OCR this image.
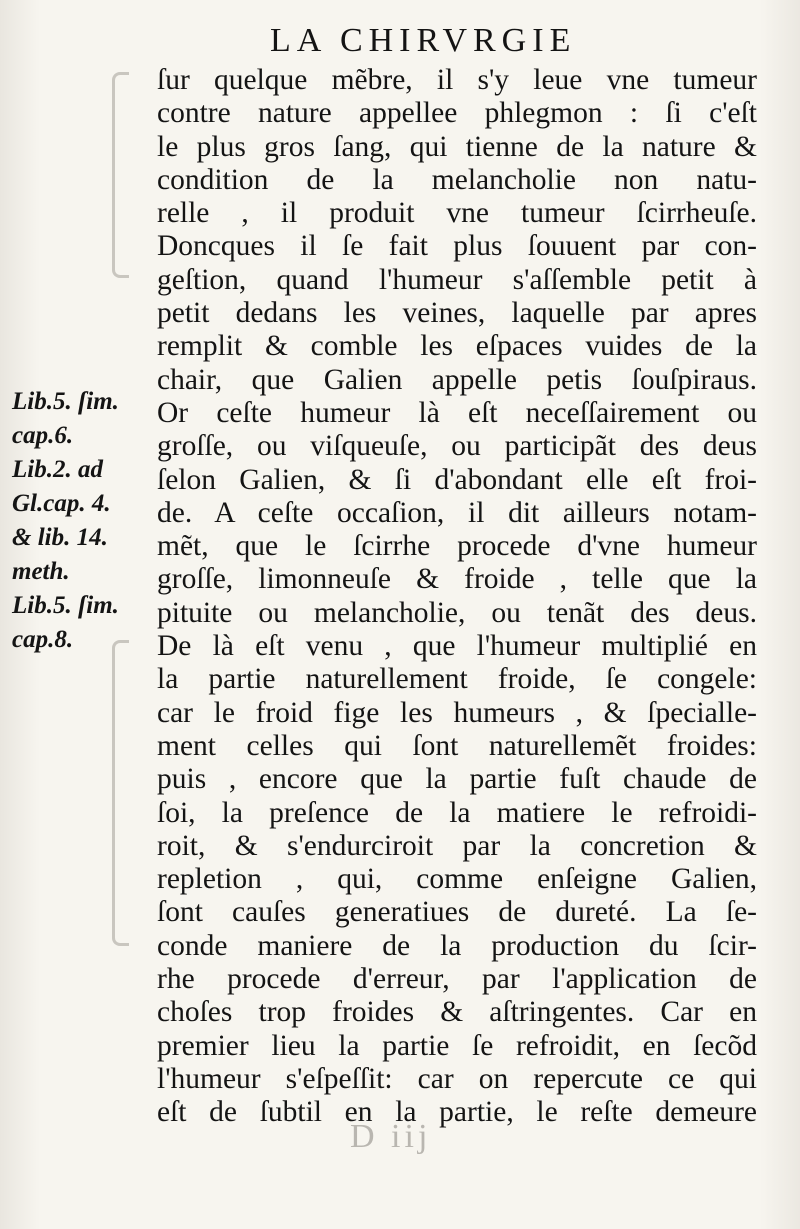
LA CHIRVRGIE
Lib.5. ſim.
cap.6.
Lib.2. ad
Gl.cap. 4.
& lib. 14.
meth.
Lib.5. ſim.
cap.8.
ſur quelque mẽbre, il s'y leue vne tumeur
contre nature appellee phlegmon : ſi c'eſt
le plus gros ſang, qui tienne de la nature &
condition de la melancholie non natu-
relle , il produit vne tumeur ſcirrheuſe.
Doncques il ſe fait plus ſouuent par con-
geſtion, quand l'humeur s'aſſemble petit à
petit dedans les veines, laquelle par apres
remplit & comble les eſpaces vuides de la
chair, que Galien appelle petis ſouſpiraus.
Or ceſte humeur là eſt neceſſairement ou
groſſe, ou viſqueuſe, ou participãt des deus
ſelon Galien, & ſi d'abondant elle eſt froi-
de. A ceſte occaſion, il dit ailleurs notam-
mẽt, que le ſcirrhe procede d'vne humeur
groſſe, limonneuſe & froide , telle que la
pituite ou melancholie, ou tenãt des deus.
De là eſt venu , que l'humeur multiplié en
la partie naturellement froide, ſe congele:
car le froid fige les humeurs , & ſpecialle-
ment celles qui ſont naturellemẽt froides:
puis , encore que la partie fuſt chaude de
ſoi, la preſence de la matiere le refroidi-
roit, & s'endurciroit par la concretion &
repletion , qui, comme enſeigne Galien,
ſont cauſes generatiues de dureté. La ſe-
conde maniere de la production du ſcir-
rhe procede d'erreur, par l'application de
choſes trop froides & aſtringentes. Car en
premier lieu la partie ſe refroidit, en ſecõd
l'humeur s'eſpeſſit: car on repercute ce qui
eſt de ſubtil en la partie, le reſte demeure
D iij
